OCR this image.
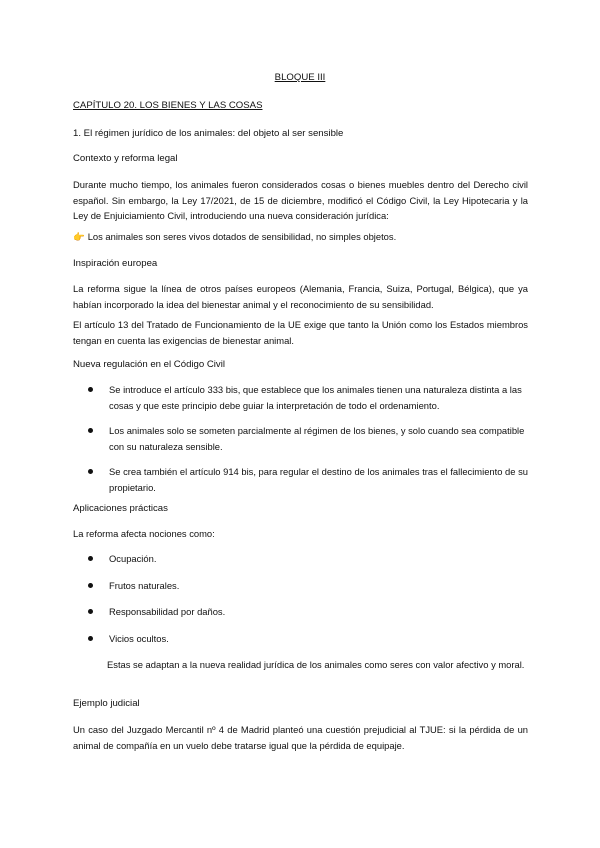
BLOQUE III
CAPÍTULO 20. LOS BIENES Y LAS COSAS
1. El régimen jurídico de los animales: del objeto al ser sensible
Contexto y reforma legal
Durante mucho tiempo, los animales fueron considerados cosas o bienes muebles dentro del Derecho civil español. Sin embargo, la Ley 17/2021, de 15 de diciembre, modificó el Código Civil, la Ley Hipotecaria y la Ley de Enjuiciamiento Civil, introduciendo una nueva consideración jurídica:
👉 Los animales son seres vivos dotados de sensibilidad, no simples objetos.
Inspiración europea
La reforma sigue la línea de otros países europeos (Alemania, Francia, Suiza, Portugal, Bélgica), que ya habían incorporado la idea del bienestar animal y el reconocimiento de su sensibilidad.
El artículo 13 del Tratado de Funcionamiento de la UE exige que tanto la Unión como los Estados miembros tengan en cuenta las exigencias de bienestar animal.
Nueva regulación en el Código Civil
Se introduce el artículo 333 bis, que establece que los animales tienen una naturaleza distinta a las cosas y que este principio debe guiar la interpretación de todo el ordenamiento.
Los animales solo se someten parcialmente al régimen de los bienes, y solo cuando sea compatible con su naturaleza sensible.
Se crea también el artículo 914 bis, para regular el destino de los animales tras el fallecimiento de su propietario.
Aplicaciones prácticas
La reforma afecta nociones como:
Ocupación.
Frutos naturales.
Responsabilidad por daños.
Vicios ocultos.
Estas se adaptan a la nueva realidad jurídica de los animales como seres con valor afectivo y moral.
Ejemplo judicial
Un caso del Juzgado Mercantil nº 4 de Madrid planteó una cuestión prejudicial al TJUE: si la pérdida de un animal de compañía en un vuelo debe tratarse igual que la pérdida de equipaje.
